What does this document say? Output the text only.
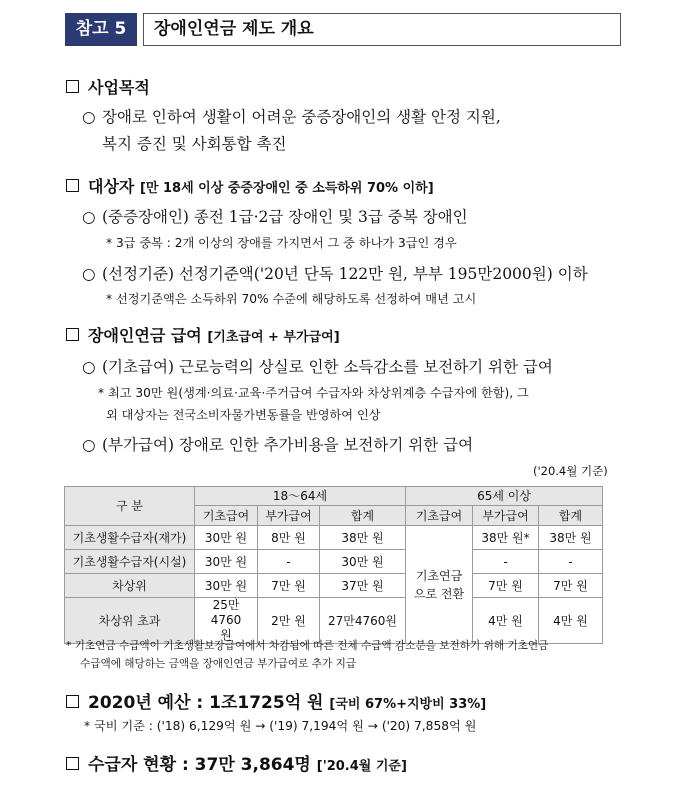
참고 5	장애인연금 제도 개요
사업목적
○ 장애로 인하여 생활이 어려운 중증장애인의 생활 안정 지원,
복지 증진 및 사회통합 촉진
대상자 [만 18세 이상 중증장애인 중 소득하위 70% 이하]
○ (중증장애인) 종전 1급·2급 장애인 및 3급 중복 장애인
* 3급 중복 : 2개 이상의 장애를 가지면서 그 중 하나가 3급인 경우
○ (선정기준) 선정기준액('20년 단독 122만 원, 부부 195만2000원) 이하
* 선정기준액은 소득하위 70% 수준에 해당하도록 선정하여 매년 고시
장애인연금 급여 [기초급여 + 부가급여]
○ (기초급여) 근로능력의 상실로 인한 소득감소를 보전하기 위한 급여
* 최고 30만 원(생계·의료·교육·주거급여 수급자와 차상위계층 수급자에 한함), 그
외 대상자는 전국소비자물가변동률을 반영하여 인상
○ (부가급여) 장애로 인한 추가비용을 보전하기 위한 급여
('20.4월 기준)
구 분	18～64세			65세 이상		
	기초급여	부가급여	합계	기초급여	부가급여	합계
기초생활수급자(재가)	30만 원	8만 원	38만 원	기초연금으로 전환	38만 원*	38만 원
기초생활수급자(시설)	30만 원	-	30만 원		-	-
차상위	30만 원	7만 원	37만 원		7만 원	7만 원
차상위 초과	25만 4760원	2만 원	27만4760원		4만 원	4만 원
* 기초연금 수급액이 기초생활보장급여에서 차감됨에 따른 전체 수급액 감소분을 보전하기 위해 기초연금
수급액에 해당하는 금액을 장애인연금 부가급여로 추가 지급
2020년 예산 : 1조1725억 원 [국비 67%+지방비 33%]
* 국비 기준 : ('18) 6,129억 원 → ('19) 7,194억 원 → ('20) 7,858억 원
수급자 현황 : 37만 3,864명 ['20.4월 기준]
